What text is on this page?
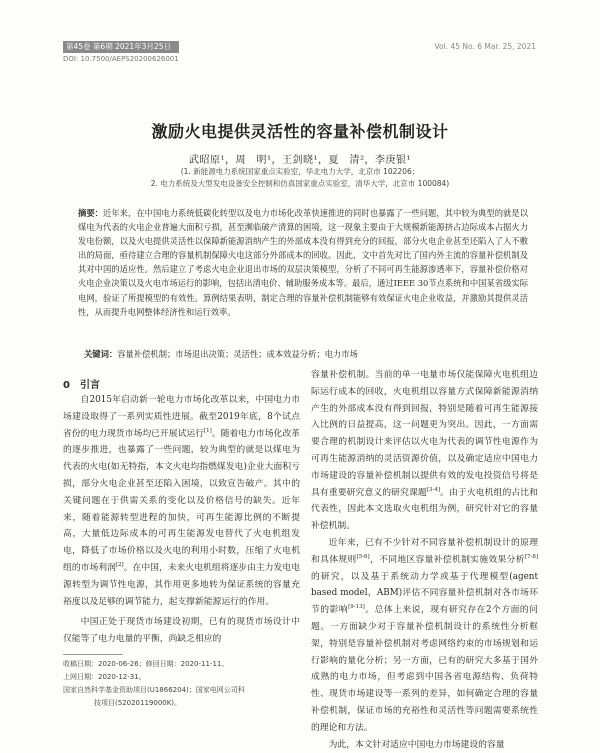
第45卷 第6期 2021年3月25日	Vol. 45 No. 6 Mar. 25, 2021
DOI: 10.7500/AEPS20200626001
激励火电提供灵活性的容量补偿机制设计
武昭原¹，周　明¹，王剑晓¹，夏　清²，李庚银¹
(1. 新能源电力系统国家重点实验室，华北电力大学，北京市 102206；
2. 电力系统及大型发电设备安全控制和仿真国家重点实验室，清华大学，北京市 100084)
摘要：近年来，在中国电力系统低碳化转型以及电力市场化改革快速推进的同时也暴露了一些问题，其中较为典型的就是以煤电为代表的火电企业普遍大面积亏损，甚至濒临破产清算的困境，这一现象主要由于大规模新能源挤占边际成本占据火力发电份额，以及火电提供灵活性以保障新能源消纳产生的外部成本没有得到充分的回报，部分火电企业甚至还陷入了入不敷出的局面，亟待建立合理的容量机制保障火电这部分外部成本的回收。因此，文中首先对比了国内外主流的容量补偿机制及其对中国的适应性。然后建立了考虑火电企业退出市场的双层决策模型，分析了不同可再生能源渗透率下，容量补偿价格对火电企业决策以及火电市场运行的影响，包括出清电价、辅助服务成本等。最后，通过IEEE 30节点系统和中国某省级实际电网，验证了所提模型的有效性。算例结果表明，制定合理的容量补偿机制能够有效保证火电企业收益，并激励其提供灵活性，从而提升电网整体经济性和运行效率。
关键词：容量补偿机制；市场退出决策；灵活性；成本效益分析；电力市场
0　引言

自2015年启动新一轮电力市场化改革以来，中国电力市场建设取得了一系列实质性进展。截至2019年底，8个试点省份的电力现货市场均已开展试运行[1]。随着电力市场化改革的逐步推进，也暴露了一些问题，较为典型的就是以煤电为代表的火电(如无特指，本文火电均指燃煤发电)企业大面积亏损，部分火电企业甚至还陷入困境，以致宣告破产。其中的关键问题在于供需关系的变化以及价格信号的缺失。近年来，随着能源转型进程的加快，可再生能源比例的不断提高，大量低边际成本的可再生能源发电替代了火电机组发电，降低了市场价格以及火电的利用小时数，压缩了火电机组的市场利润[2]。在中国，未来火电机组将逐步由主力发电电源转型为调节性电源，其作用更多地转为保证系统的容量充裕度以及足够的调节能力，起支撑新能源运行的作用。

中国正处于现货市场建设初期，已有的现货市场设计中仅能等了电力电量的平衡，尚缺乏相应的

容量补偿机制。当前的单一电量市场仅能保障火电机组边际运行成本的回收，火电机组以容量方式保障新能源消纳产生的外部成本没有得到回报，特别是随着可再生能源接入比例的日益提高，这一问题更为突出。因此，一方面需要合理的机制设计来评估以火电为代表的调节性电源作为可再生能源消纳的灵活资源价值，以及确定适应中国电力市场建设的容量补偿机制以提供有效的发电投资信号将是具有重要研究意义的研究课题[3-4]。由于火电机组的占比和代表性，因此本文选取火电机组为例，研究针对它的容量补偿机制。

近年来，已有不少针对不同容量补偿机制设计的原理和具体规则[5-6]，不同地区容量补偿机制实施效果分析[7-8]的研究，以及基于系统动力学或基于代理模型(agent based model，ABM)评估不同容量补偿机制对各市场环节的影响[9-13]。总体上来说，现有研究存在2个方面的问题。一方面缺少对于容量补偿机制设计的系统性分析框架，特别是容量补偿机制对考虑网络约束的市场规划和运行影响的量化分析；另一方面，已有的研究大多基于国外成熟的电力市场，但考虑到中国各省电源结构、负荷特性、现货市场建设等一系列的差异，如何确定合理的容量补偿机制，保证市场的充裕性和灵活性等问题需要系统性的理论和方法。

为此，本文针对适应中国电力市场建设的容量

收稿日期：2020-06-26；修回日期：2020-11-11。
上网日期：2020-12-31。
国家自然科学基金资助项目(U1866204)；国家电网公司科
技项目(52020119000K)。
